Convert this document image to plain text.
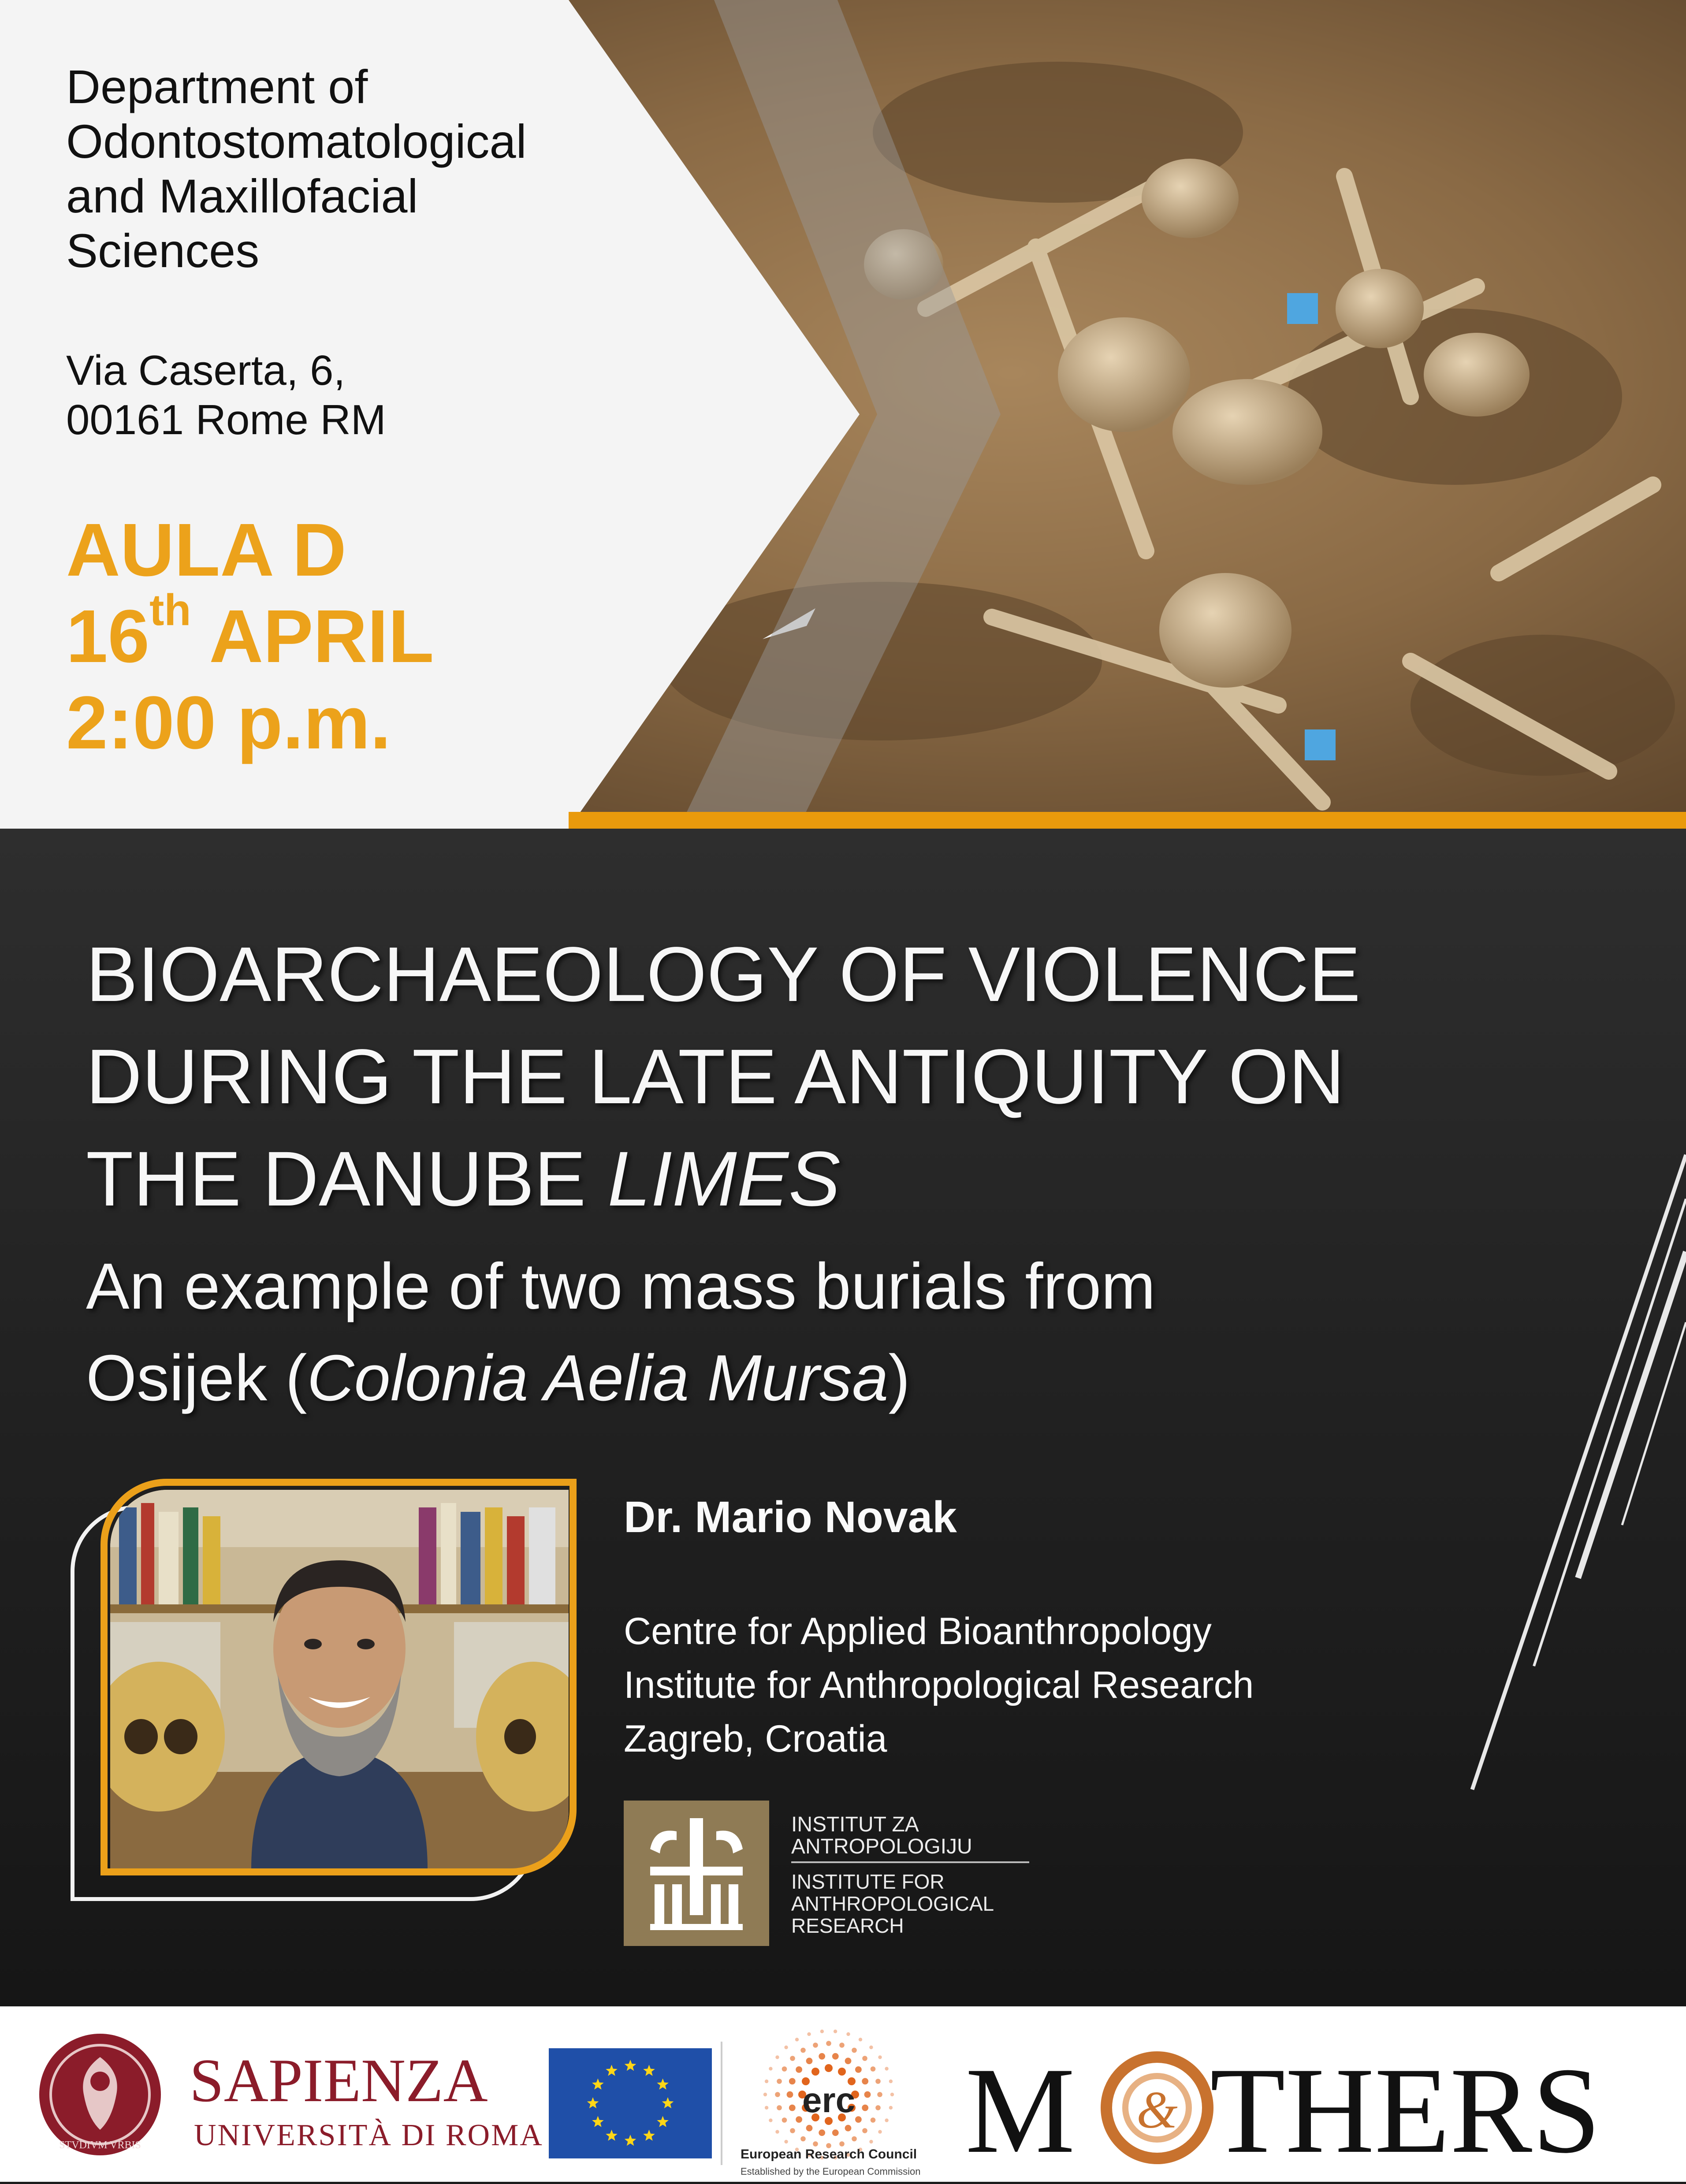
Department of
Odontostomatological
and Maxillofacial
Sciences
Via Caserta, 6,
00161 Rome RM
AULA D
16th APRIL
2:00 p.m.
BIOARCHAEOLOGY OF VIOLENCE
DURING THE LATE ANTIQUITY ON
THE DANUBE LIMES
An example of two mass burials from
Osijek (Colonia Aelia Mursa)
Dr. Mario Novak
Centre for Applied Bioanthropology
Institute for Anthropological Research
Zagreb, Croatia
INSTITUT ZA
ANTROPOLOGIJU
INSTITUTE FOR
ANTHROPOLOGICAL
RESEARCH
STVDIVM VRBIS
SAPIENZA
UNIVERSITÀ DI ROMA
erc
European Research Council
Established by the European Commission M & THERS
